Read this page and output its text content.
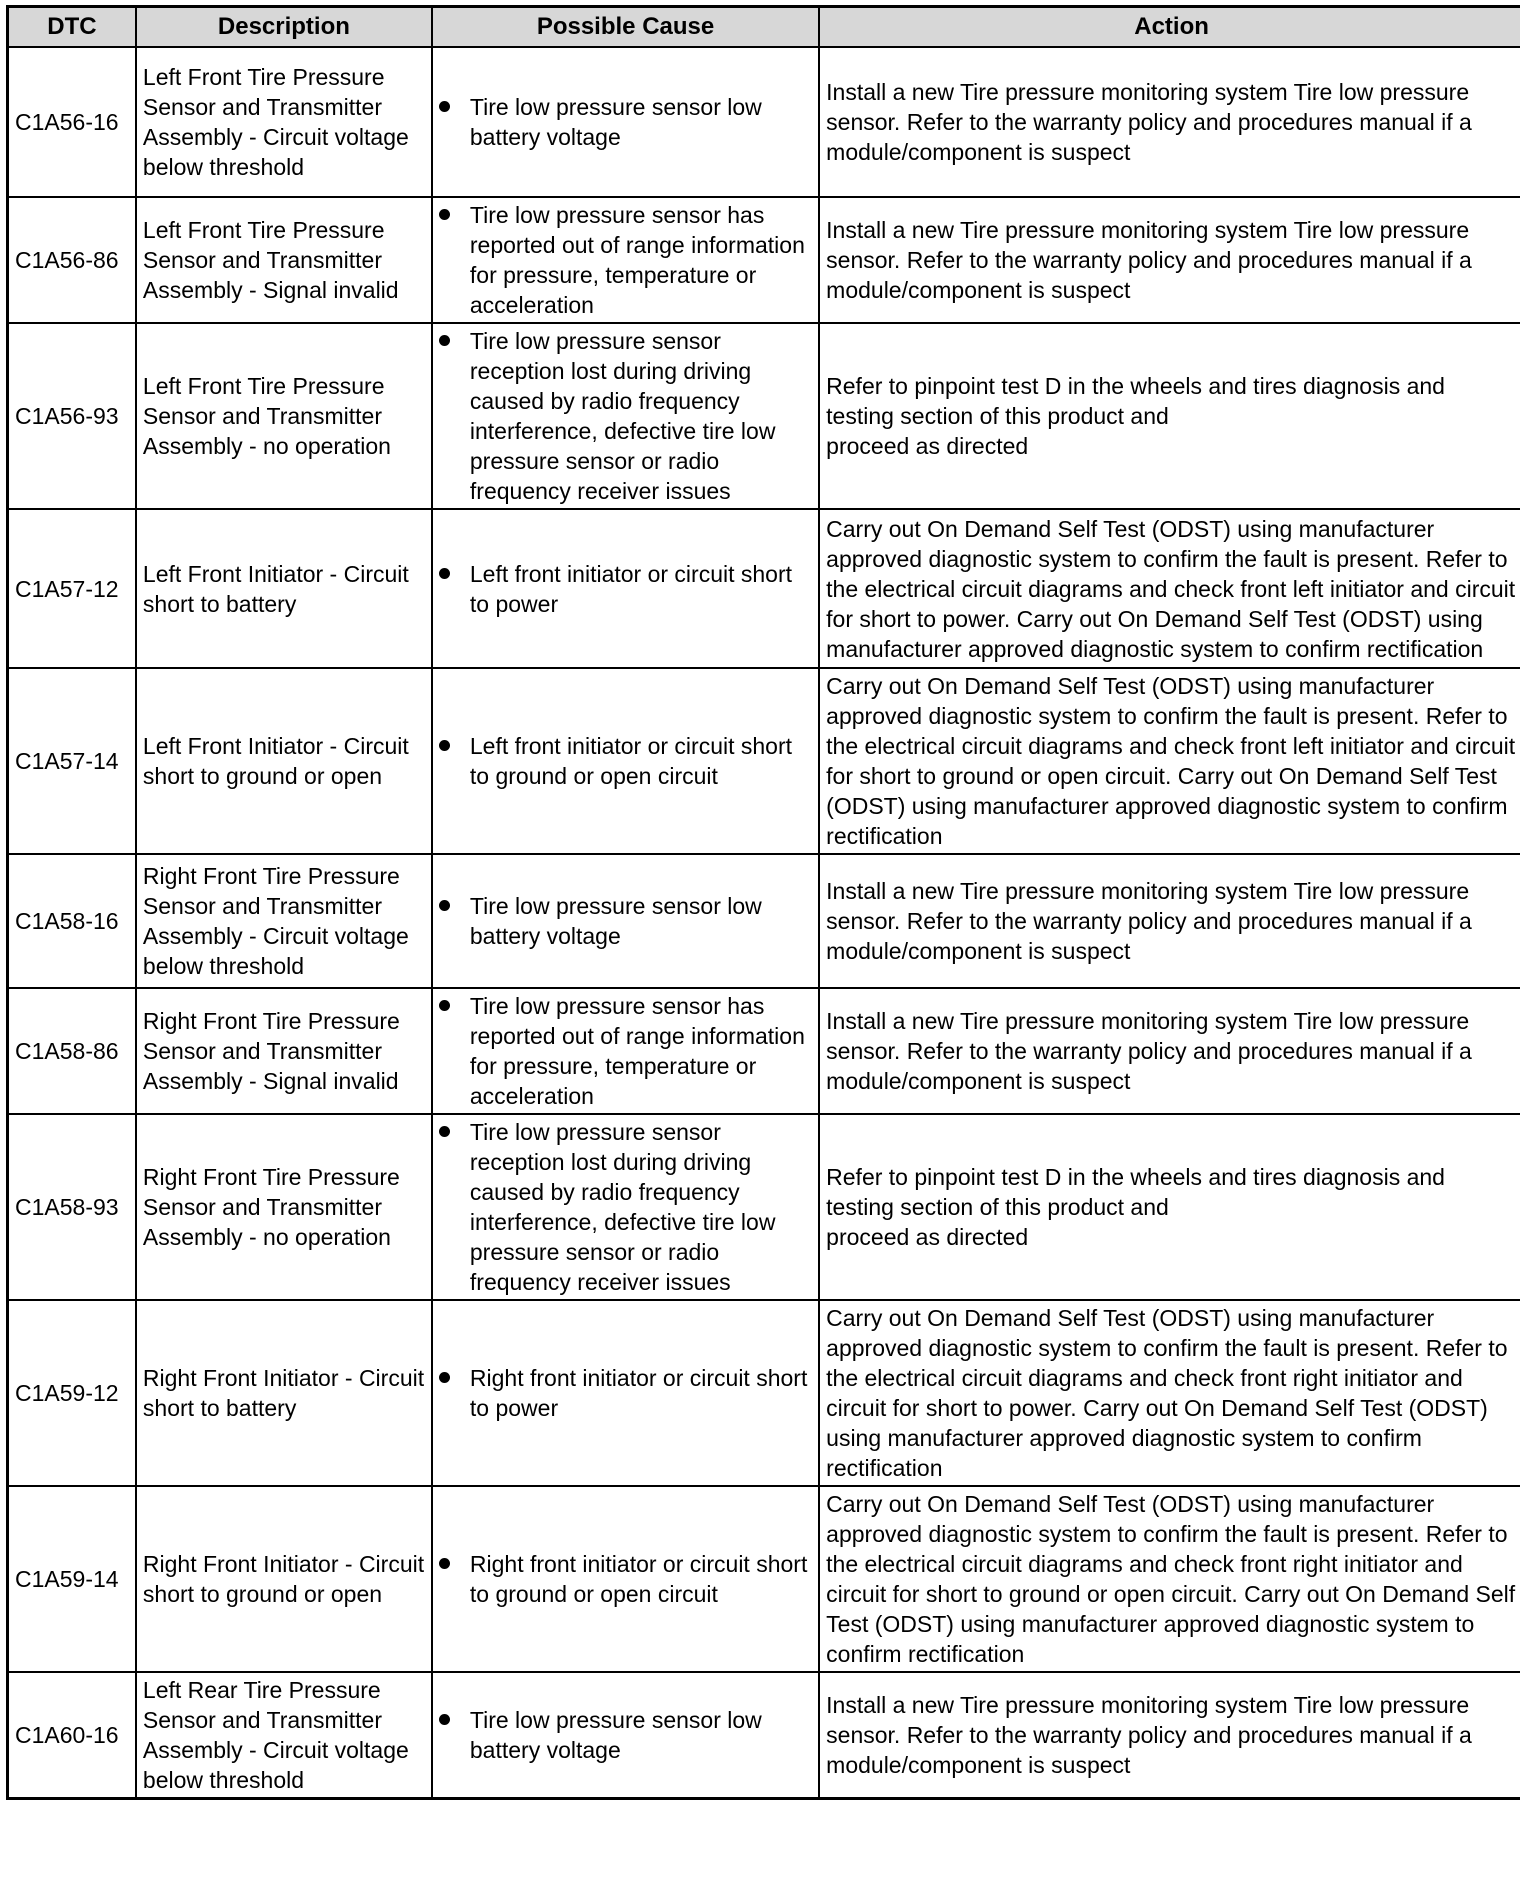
DTC	Description	Possible Cause	Action
C1A56-16	Left Front Tire Pressure Sensor and Transmitter Assembly - Circuit voltage below threshold	Tire low pressure sensor low battery voltage	Install a new Tire pressure monitoring system Tire low pressure sensor. Refer to the warranty policy and procedures manual if a module/component is suspect
C1A56-86	Left Front Tire Pressure Sensor and Transmitter Assembly - Signal invalid	Tire low pressure sensor has reported out of range information for pressure, temperature or acceleration	Install a new Tire pressure monitoring system Tire low pressure sensor. Refer to the warranty policy and procedures manual if a module/component is suspect
C1A56-93	Left Front Tire Pressure Sensor and Transmitter Assembly - no operation	Tire low pressure sensor reception lost during driving caused by radio frequency interference, defective tire low pressure sensor or radio frequency receiver issues	Refer to pinpoint test D in the wheels and tires diagnosis and testing section of this product and
proceed as directed

C1A57-12	Left Front Initiator - Circuit short to battery	Left front initiator or circuit short to power	Carry out On Demand Self Test (ODST) using manufacturer approved diagnostic system to confirm the fault is present. Refer to the electrical circuit diagrams and check front left initiator and circuit for short to power. Carry out On Demand Self Test (ODST) using manufacturer approved diagnostic system to confirm rectification
C1A57-14	Left Front Initiator - Circuit short to ground or open	Left front initiator or circuit short to ground or open circuit	Carry out On Demand Self Test (ODST) using manufacturer approved diagnostic system to confirm the fault is present. Refer to the electrical circuit diagrams and check front left initiator and circuit for short to ground or open circuit. Carry out On Demand Self Test (ODST) using manufacturer approved diagnostic system to confirm rectification
C1A58-16	Right Front Tire Pressure Sensor and Transmitter Assembly - Circuit voltage below threshold	Tire low pressure sensor low battery voltage	Install a new Tire pressure monitoring system Tire low pressure sensor. Refer to the warranty policy and procedures manual if a module/component is suspect
C1A58-86	Right Front Tire Pressure Sensor and Transmitter Assembly - Signal invalid	Tire low pressure sensor has reported out of range information for pressure, temperature or acceleration	Install a new Tire pressure monitoring system Tire low pressure sensor. Refer to the warranty policy and procedures manual if a module/component is suspect
C1A58-93	Right Front Tire Pressure Sensor and Transmitter Assembly - no operation	Tire low pressure sensor reception lost during driving caused by radio frequency interference, defective tire low pressure sensor or radio frequency receiver issues	Refer to pinpoint test D in the wheels and tires diagnosis and testing section of this product and
proceed as directed

C1A59-12	Right Front Initiator - Circuit short to battery	Right front initiator or circuit short to power	Carry out On Demand Self Test (ODST) using manufacturer approved diagnostic system to confirm the fault is present. Refer to the electrical circuit diagrams and check front right initiator and circuit for short to power. Carry out On Demand Self Test (ODST) using manufacturer approved diagnostic system to confirm rectification
C1A59-14	Right Front Initiator - Circuit short to ground or open	Right front initiator or circuit short to ground or open circuit	Carry out On Demand Self Test (ODST) using manufacturer approved diagnostic system to confirm the fault is present. Refer to the electrical circuit diagrams and check front right initiator and circuit for short to ground or open circuit. Carry out On Demand Self Test (ODST) using manufacturer approved diagnostic system to confirm rectification
C1A60-16	Left Rear Tire Pressure Sensor and Transmitter Assembly - Circuit voltage below threshold	Tire low pressure sensor low battery voltage	Install a new Tire pressure monitoring system Tire low pressure sensor. Refer to the warranty policy and procedures manual if a module/component is suspect
